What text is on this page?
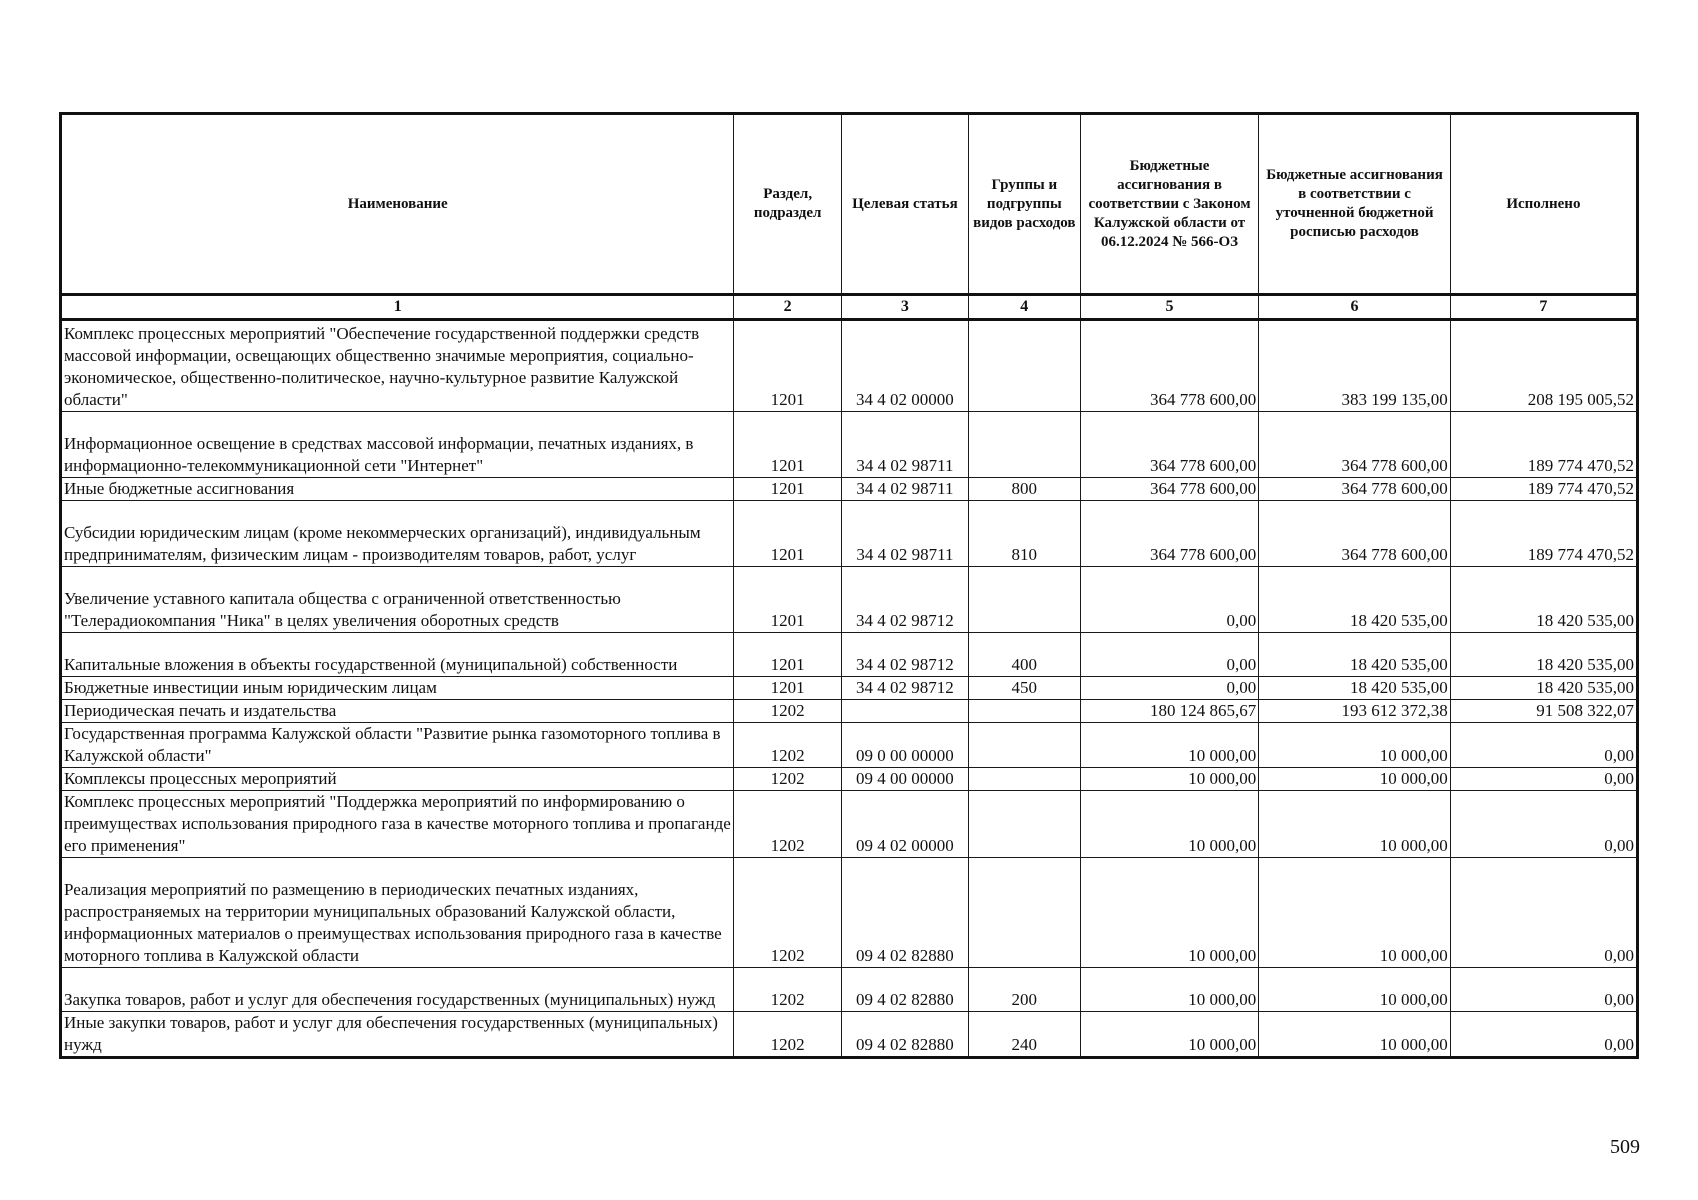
Наименование	Раздел, подраздел	Целевая статья	Группы и подгруппы видов расходов	Бюджетные ассигнования в соответствии с Законом Калужской области от 06.12.2024 № 566-ОЗ	Бюджетные ассигнования в соответствии с уточненной бюджетной росписью расходов	Исполнено
1	2	3	4	5	6	7
Комплекс процессных мероприятий "Обеспечение государственной поддержки средств массовой информации, освещающих общественно значимые мероприятия, социально-экономическое, общественно-политическое, научно-культурное развитие Калужской области"	1201	34 4 02 00000		364 778 600,00	383 199 135,00	208 195 005,52
Информационное освещение в средствах массовой информации, печатных изданиях, в информационно-телекоммуникационной сети "Интернет"	1201	34 4 02 98711		364 778 600,00	364 778 600,00	189 774 470,52
Иные бюджетные ассигнования	1201	34 4 02 98711	800	364 778 600,00	364 778 600,00	189 774 470,52
Субсидии юридическим лицам (кроме некоммерческих организаций), индивидуальным предпринимателям, физическим лицам - производителям товаров, работ, услуг	1201	34 4 02 98711	810	364 778 600,00	364 778 600,00	189 774 470,52
Увеличение уставного капитала общества с ограниченной ответственностью "Телерадиокомпания "Ника" в целях увеличения оборотных средств	1201	34 4 02 98712		0,00	18 420 535,00	18 420 535,00
Капитальные вложения в объекты государственной (муниципальной) собственности	1201	34 4 02 98712	400	0,00	18 420 535,00	18 420 535,00
Бюджетные инвестиции иным юридическим лицам	1201	34 4 02 98712	450	0,00	18 420 535,00	18 420 535,00
Периодическая печать и издательства	1202			180 124 865,67	193 612 372,38	91 508 322,07
Государственная программа Калужской области "Развитие рынка газомоторного топлива в Калужской области"	1202	09 0 00 00000		10 000,00	10 000,00	0,00
Комплексы процессных мероприятий	1202	09 4 00 00000		10 000,00	10 000,00	0,00
Комплекс процессных мероприятий "Поддержка мероприятий по информированию о преимуществах использования природного газа в качестве моторного топлива и пропаганде его применения"	1202	09 4 02 00000		10 000,00	10 000,00	0,00
Реализация мероприятий по размещению в периодических печатных изданиях, распространяемых на территории муниципальных образований Калужской области, информационных материалов о преимуществах использования природного газа в качестве моторного топлива в Калужской области	1202	09 4 02 82880		10 000,00	10 000,00	0,00
Закупка товаров, работ и услуг для обеспечения государственных (муниципальных) нужд	1202	09 4 02 82880	200	10 000,00	10 000,00	0,00
Иные закупки товаров, работ и услуг для обеспечения государственных (муниципальных) нужд	1202	09 4 02 82880	240	10 000,00	10 000,00	0,00
509
